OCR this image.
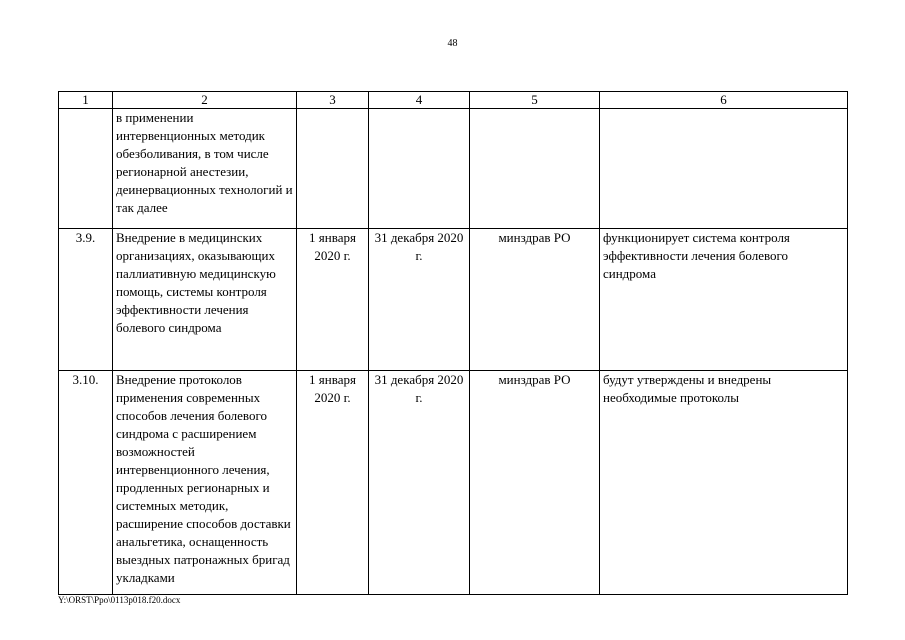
48
1	2	3	4	5	6
	в применении интервенционных методик обезболивания, в том числе регионарной анестезии, деинервационных технологий и так далее				
3.9.	Внедрение в медицинских организациях, оказывающих паллиативную медицинскую помощь, системы контроля эффективности лечения болевого синдрома	1 января 2020 г.	31 декабря 2020 г.	минздрав РО	функционирует система контроля эффективности лечения болевого синдрома
3.10.	Внедрение протоколов применения современных способов лечения болевого синдрома с расширением возможностей интервенционного лечения, продленных регионарных и системных методик, расширение способов доставки анальгетика, оснащенность выездных патронажных бригад укладками	1 января 2020 г.	31 декабря 2020 г.	минздрав РО	будут утверждены и внедрены необходимые протоколы
Y:\ORST\Ppo\0113p018.f20.docx
